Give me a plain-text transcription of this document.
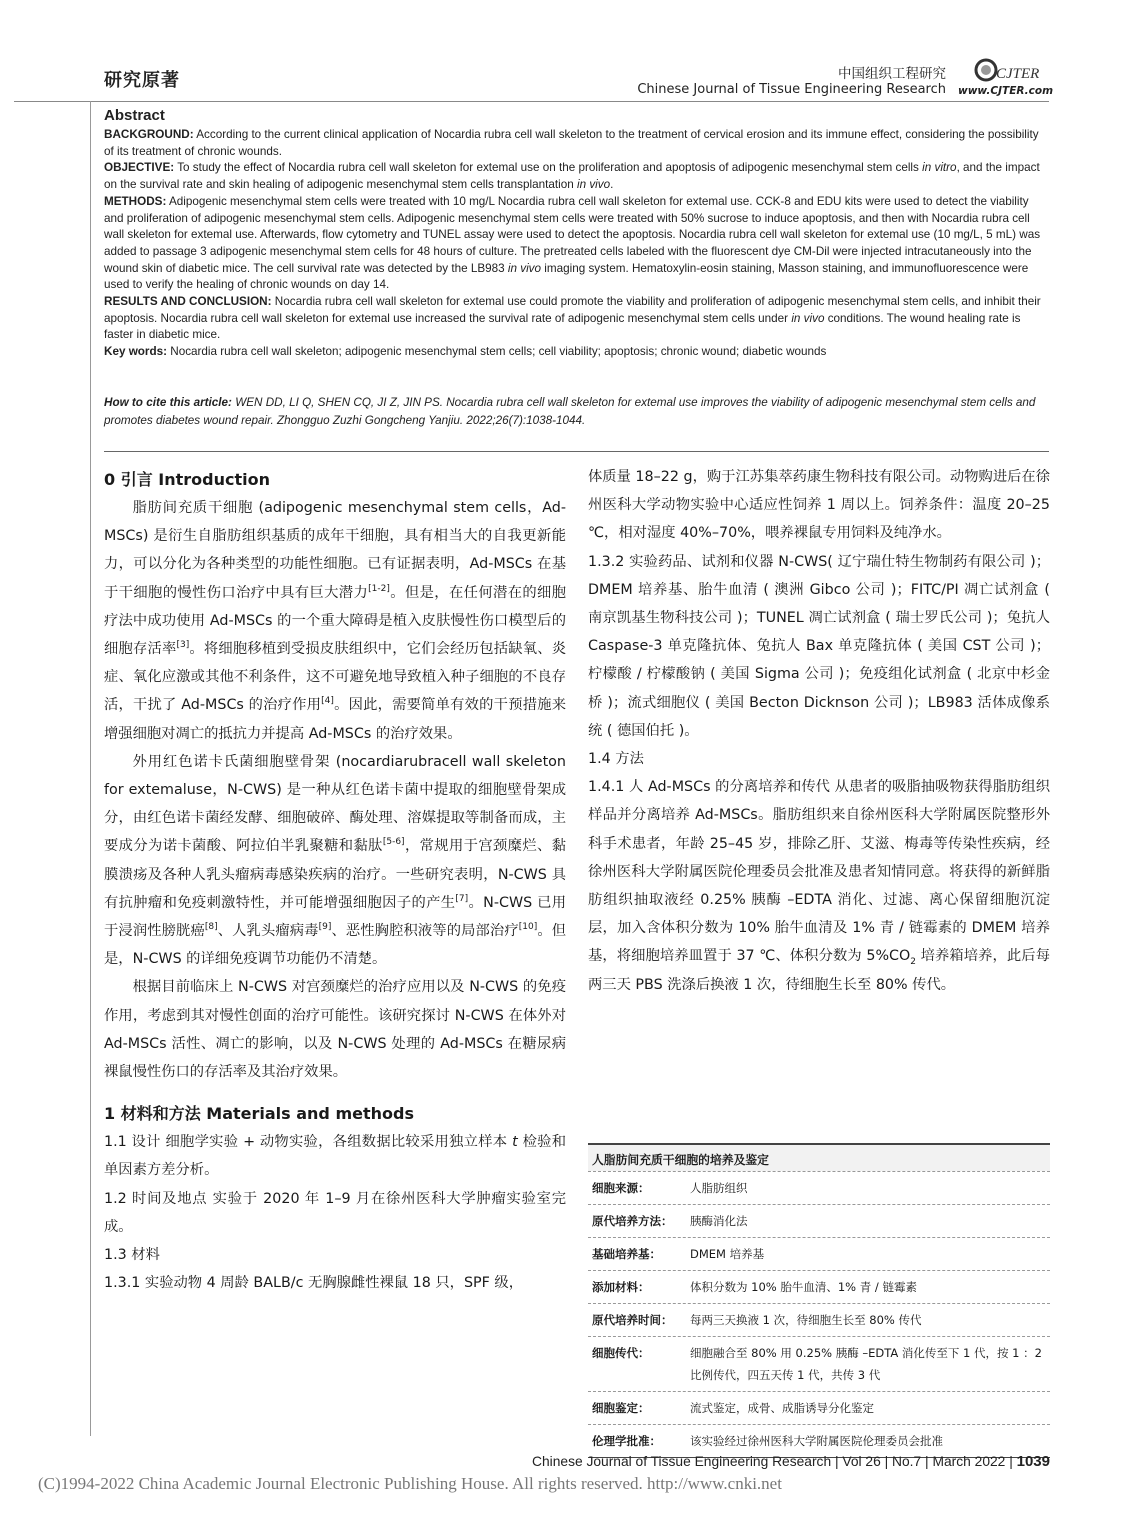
研究原著	中国组织工程研究
Chinese Journal of Tissue Engineering Research
CJTER
www.CJTER.com
Abstract

BACKGROUND: According to the current clinical application of Nocardia rubra cell wall skeleton to the treatment of cervical erosion and its immune effect, considering the possibility of its treatment of chronic wounds.

OBJECTIVE: To study the effect of Nocardia rubra cell wall skeleton for extemal use on the proliferation and apoptosis of adipogenic mesenchymal stem cells in vitro, and the impact on the survival rate and skin healing of adipogenic mesenchymal stem cells transplantation in vivo.

METHODS: Adipogenic mesenchymal stem cells were treated with 10 mg/L Nocardia rubra cell wall skeleton for extemal use. CCK-8 and EDU kits were used to detect the viability and proliferation of adipogenic mesenchymal stem cells. Adipogenic mesenchymal stem cells were treated with 50% sucrose to induce apoptosis, and then with Nocardia rubra cell wall skeleton for extemal use. Afterwards, flow cytometry and TUNEL assay were used to detect the apoptosis. Nocardia rubra cell wall skeleton for extemal use (10 mg/L, 5 mL) was added to passage 3 adipogenic mesenchymal stem cells for 48 hours of culture. The pretreated cells labeled with the fluorescent dye CM-Dil were injected intracutaneously into the wound skin of diabetic mice. The cell survival rate was detected by the LB983 in vivo imaging system. Hematoxylin-eosin staining, Masson staining, and immunofluorescence were used to verify the healing of chronic wounds on day 14.

RESULTS AND CONCLUSION: Nocardia rubra cell wall skeleton for extemal use could promote the viability and proliferation of adipogenic mesenchymal stem cells, and inhibit their apoptosis. Nocardia rubra cell wall skeleton for extemal use increased the survival rate of adipogenic mesenchymal stem cells under in vivo conditions. The wound healing rate is faster in diabetic mice.

Key words: Nocardia rubra cell wall skeleton; adipogenic mesenchymal stem cells; cell viability; apoptosis; chronic wound; diabetic wounds

How to cite this article: WEN DD, LI Q, SHEN CQ, JI Z, JIN PS. Nocardia rubra cell wall skeleton for extemal use improves the viability of adipogenic mesenchymal stem cells and promotes diabetes wound repair. Zhongguo Zuzhi Gongcheng Yanjiu. 2022;26(7):1038-1044.
0 引言 Introduction

脂肪间充质干细胞 (adipogenic mesenchymal stem cells，Ad-MSCs) 是衍生自脂肪组织基质的成年干细胞，具有相当大的自我更新能力，可以分化为各种类型的功能性细胞。已有证据表明，Ad-MSCs 在基于干细胞的慢性伤口治疗中具有巨大潜力[1-2]。但是，在任何潜在的细胞疗法中成功使用 Ad-MSCs 的一个重大障碍是植入皮肤慢性伤口模型后的细胞存活率[3]。将细胞移植到受损皮肤组织中，它们会经历包括缺氧、炎症、氧化应激或其他不利条件，这不可避免地导致植入种子细胞的不良存活，干扰了 Ad-MSCs 的治疗作用[4]。因此，需要简单有效的干预措施来增强细胞对凋亡的抵抗力并提高 Ad-MSCs 的治疗效果。

外用红色诺卡氏菌细胞壁骨架 (nocardiarubracell wall skeleton for extemaluse，N-CWS) 是一种从红色诺卡菌中提取的细胞壁骨架成分，由红色诺卡菌经发酵、细胞破碎、酶处理、溶媒提取等制备而成，主要成分为诺卡菌酸、阿拉伯半乳聚糖和黏肽[5-6]，常规用于宫颈糜烂、黏膜溃疡及各种人乳头瘤病毒感染疾病的治疗。一些研究表明，N-CWS 具有抗肿瘤和免疫刺激特性，并可能增强细胞因子的产生[7]。N-CWS 已用于浸润性膀胱癌[8]、人乳头瘤病毒[9]、恶性胸腔积液等的局部治疗[10]。但是，N-CWS 的详细免疫调节功能仍不清楚。

根据目前临床上 N-CWS 对宫颈糜烂的治疗应用以及 N-CWS 的免疫作用，考虑到其对慢性创面的治疗可能性。该研究探讨 N-CWS 在体外对 Ad-MSCs 活性、凋亡的影响，以及 N-CWS 处理的 Ad-MSCs 在糖尿病裸鼠慢性伤口的存活率及其治疗效果。

1 材料和方法 Materials and methods

1.1 设计 细胞学实验 + 动物实验，各组数据比较采用独立样本 t 检验和单因素方差分析。

1.2 时间及地点 实验于 2020 年 1–9 月在徐州医科大学肿瘤实验室完成。

1.3 材料

1.3.1 实验动物 4 周龄 BALB/c 无胸腺雌性裸鼠 18 只，SPF 级，

体质量 18–22 g，购于江苏集萃药康生物科技有限公司。动物购进后在徐州医科大学动物实验中心适应性饲养 1 周以上。饲养条件：温度 20–25 ℃，相对湿度 40%–70%，喂养裸鼠专用饲料及纯净水。

1.3.2 实验药品、试剂和仪器 N-CWS( 辽宁瑞仕特生物制药有限公司 )；DMEM 培养基、胎牛血清 ( 澳洲 Gibco 公司 )；FITC/PI 凋亡试剂盒 ( 南京凯基生物科技公司 )；TUNEL 凋亡试剂盒 ( 瑞士罗氏公司 )；兔抗人 Caspase-3 单克隆抗体、兔抗人 Bax 单克隆抗体 ( 美国 CST 公司 )；柠檬酸 / 柠檬酸钠 ( 美国 Sigma 公司 )；免疫组化试剂盒 ( 北京中杉金桥 )；流式细胞仪 ( 美国 Becton Dicknson 公司 )；LB983 活体成像系统 ( 德国伯托 )。

1.4 方法

1.4.1 人 Ad-MSCs 的分离培养和传代 从患者的吸脂抽吸物获得脂肪组织样品并分离培养 Ad-MSCs。脂肪组织来自徐州医科大学附属医院整形外科手术患者，年龄 25–45 岁，排除乙肝、艾滋、梅毒等传染性疾病，经徐州医科大学附属医院伦理委员会批准及患者知情同意。将获得的新鲜脂肪组织抽取液经 0.25% 胰酶 –EDTA 消化、过滤、离心保留细胞沉淀层，加入含体积分数为 10% 胎牛血清及 1% 青 / 链霉素的 DMEM 培养基，将细胞培养皿置于 37 ℃、体积分数为 $5\%CO_2$ 培养箱培养，此后每两三天 PBS 洗涤后换液 1 次，待细胞生长至 80% 传代。

人脂肪间充质干细胞的培养及鉴定
细胞来源：	人脂肪组织
原代培养方法：	胰酶消化法
基础培养基：	DMEM 培养基
添加材料：	体积分数为 10% 胎牛血清、1% 青 / 链霉素
原代培养时间：	每两三天换液 1 次，待细胞生长至 80% 传代
细胞传代：	细胞融合至 80% 用 0.25% 胰酶 –EDTA 消化传至下 1 代，按 1 ：2 比例传代，四五天传 1 代，共传 3 代
细胞鉴定：	流式鉴定，成骨、成脂诱导分化鉴定
伦理学批准：	该实验经过徐州医科大学附属医院伦理委员会批准
Chinese Journal of Tissue Engineering Research | Vol 26 | No.7 | March 2022 | 1039
(C)1994-2022 China Academic Journal Electronic Publishing House. All rights reserved. http://www.cnki.net
